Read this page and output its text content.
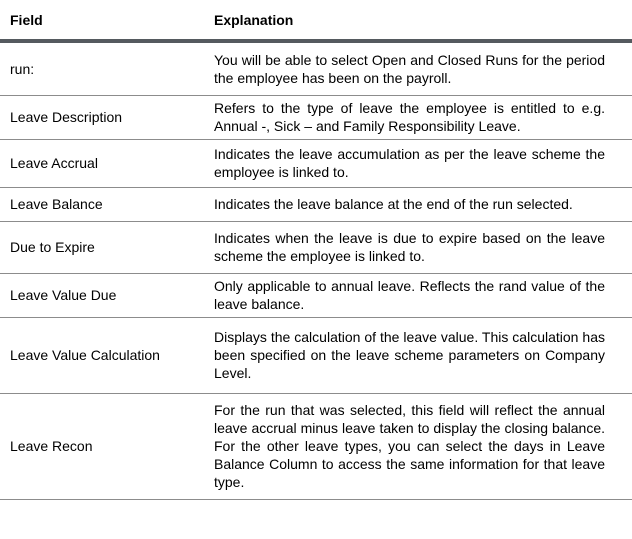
Field	Explanation
run:	You will be able to select Open and Closed Runs for the period the employee has been on the payroll.
Leave Description	Refers to the type of leave the employee is entitled to e.g. Annual -, Sick – and Family Responsibility Leave.
Leave Accrual	Indicates the leave accumulation as per the leave scheme the employee is linked to.
Leave Balance	Indicates the leave balance at the end of the run selected.
Due to Expire	Indicates when the leave is due to expire based on the leave scheme the employee is linked to.
Leave Value Due	Only applicable to annual leave. Reflects the rand value of the leave balance.
Leave Value Calculation	Displays the calculation of the leave value. This calculation has been specified on the leave scheme parameters on Company Level.
Leave Recon	For the run that was selected, this field will reflect the annual leave accrual minus leave taken to display the closing balance. For the other leave types, you can select the days in Leave Balance Column to access the same information for that leave type.
